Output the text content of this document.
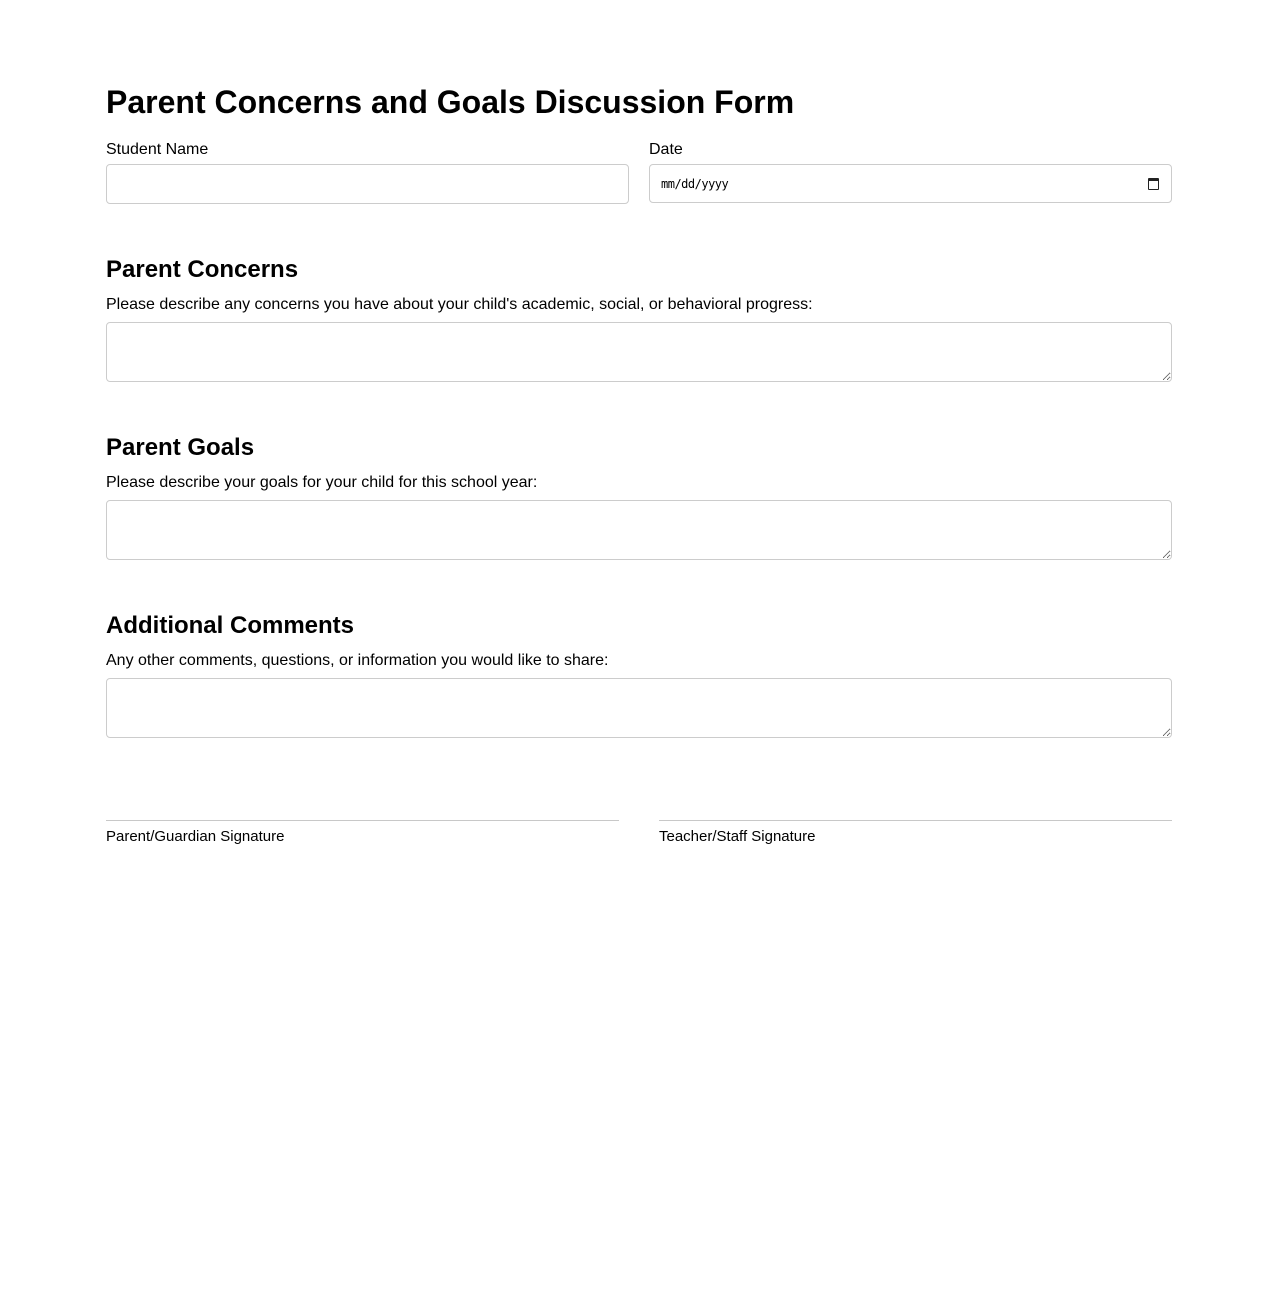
Parent Concerns and Goals Discussion Form
Student Name	Date
mm/dd/yyyy
Parent Concerns
Please describe any concerns you have about your child's academic, social, or behavioral progress:
Parent Goals
Please describe your goals for your child for this school year:
Additional Comments
Any other comments, questions, or information you would like to share:
Parent/Guardian Signature	Teacher/Staff Signature
